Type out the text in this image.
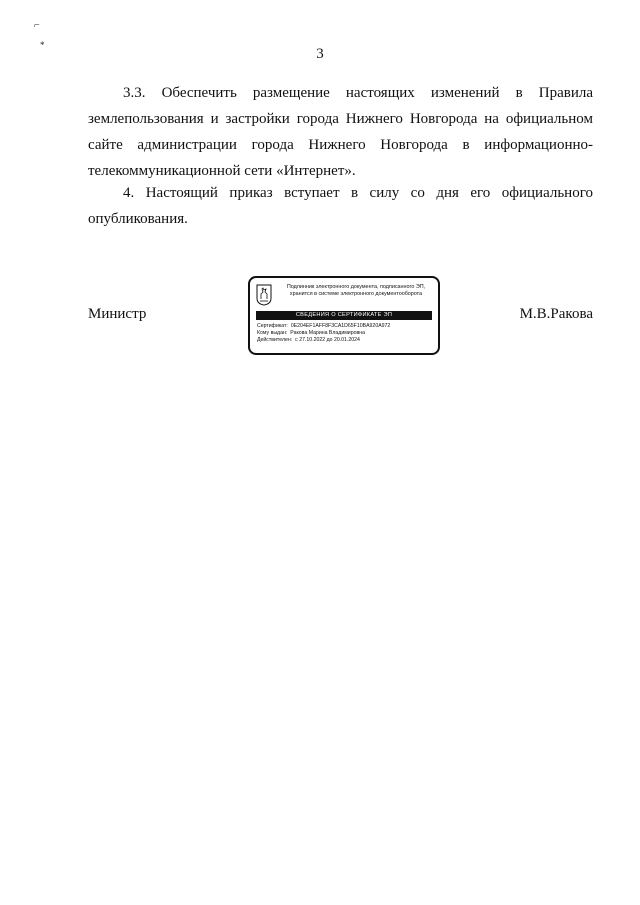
⌐
*
3
3.3. Обеспечить размещение настоящих изменений в Правила землепользования и застройки города Нижнего Новгорода на официальном сайте администрации города Нижнего Новгорода в информационно-
телекоммуникационной сети «Интернет».
4. Настоящий приказ вступает в силу со дня его официального
опубликования.
Министр	М.В.Ракова
Подлинник электронного документа, подписанного ЭП,
хранится в системе электронного документооборота
СВЕДЕНИЯ О СЕРТИФИКАТЕ ЭП
Сертификат: 0E204EF1AFF8F3CA1D65F10BA920A972
Кому выдан: Ракова Марина Владимировна
Действителен: с 27.10.2022 до 20.01.2024
